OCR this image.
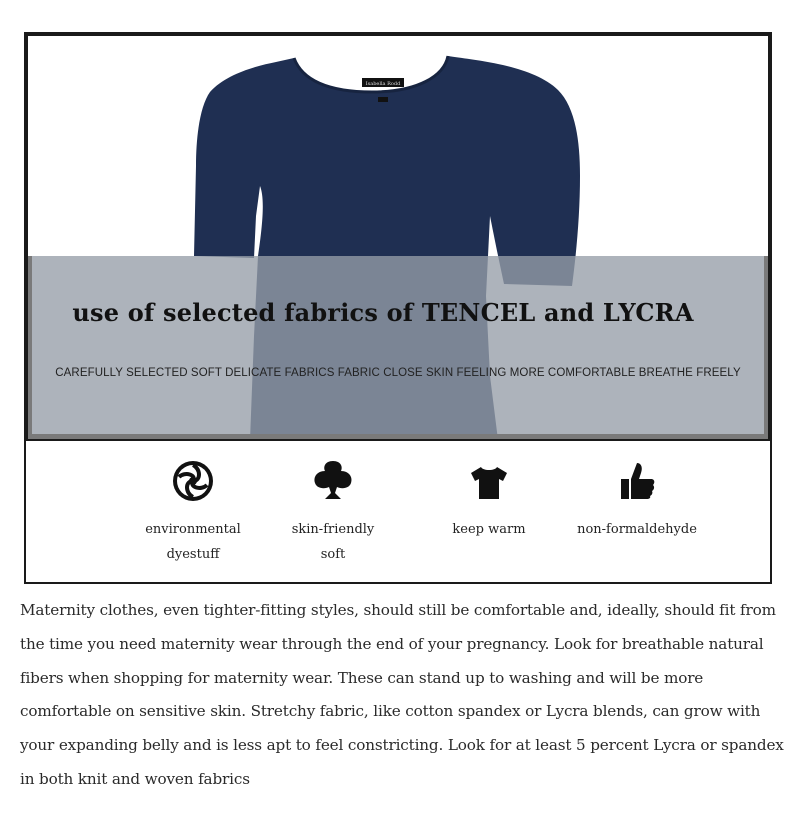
Isabella Rodd
use of selected fabrics of TENCEL and LYCRA
CAREFULLY SELECTED SOFT DELICATE FABRICS FABRIC CLOSE SKIN FEELING MORE COMFORTABLE BREATHE FREELY
environmental
dyestuff
skin-friendly
soft
keep warm	non-formaldehyde
Maternity clothes, even tighter-fitting styles, should still be comfortable and, ideally, should fit from the time you need maternity wear through the end of your pregnancy. Look for breathable natural fibers when shopping for maternity wear. These can stand up to washing and will be more comfortable on sensitive skin. Stretchy fabric, like cotton spandex or Lycra blends, can grow with your expanding belly and is less apt to feel constricting. Look for at least 5 percent Lycra or spandex in both knit and woven fabrics
